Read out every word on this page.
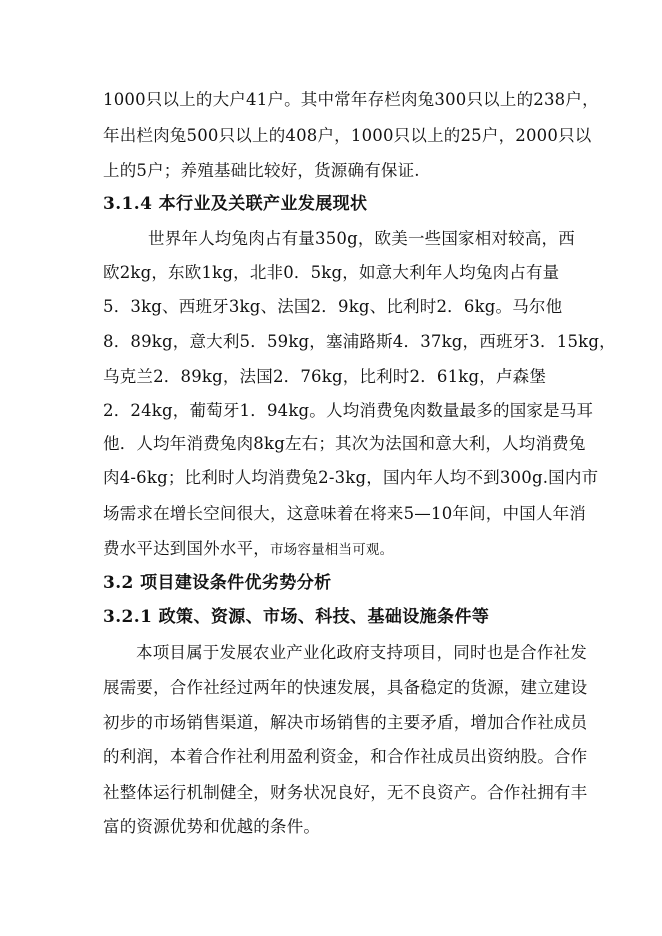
1000只以上的大户41户。其中常年存栏肉兔300只以上的238户，
年出栏肉兔500只以上的408户，1000只以上的25户，2000只以
上的5户；养殖基础比较好，货源确有保证.
3.1.4 本行业及关联产业发展现状
世界年人均兔肉占有量350g，欧美一些国家相对较高，西
欧2kg，东欧1kg，北非0．5kg，如意大利年人均兔肉占有量
5．3kg、西班牙3kg、法国2．9kg、比利时2．6kg。马尔他
8．89kg，意大利5．59kg，塞浦路斯4．37kg，西班牙3．15kg，
乌克兰2．89kg，法国2．76kg，比利时2．61kg，卢森堡
2．24kg，葡萄牙1．94kg。人均消费兔肉数量最多的国家是马耳
他．人均年消费兔肉8kg左右；其次为法国和意大利，人均消费兔
肉4-6kg；比利时人均消费兔2-3kg，国内年人均不到300g.国内市
场需求在增长空间很大，这意味着在将来5—10年间，中国人年消
费水平达到国外水平，市场容量相当可观。
3.2 项目建设条件优劣势分析
3.2.1 政策、资源、市场、科技、基础设施条件等
本项目属于发展农业产业化政府支持项目，同时也是合作社发
展需要，合作社经过两年的快速发展，具备稳定的货源，建立建设
初步的市场销售渠道，解决市场销售的主要矛盾，增加合作社成员
的利润，本着合作社利用盈利资金，和合作社成员出资纳股。合作
社整体运行机制健全，财务状况良好，无不良资产。合作社拥有丰
富的资源优势和优越的条件。
